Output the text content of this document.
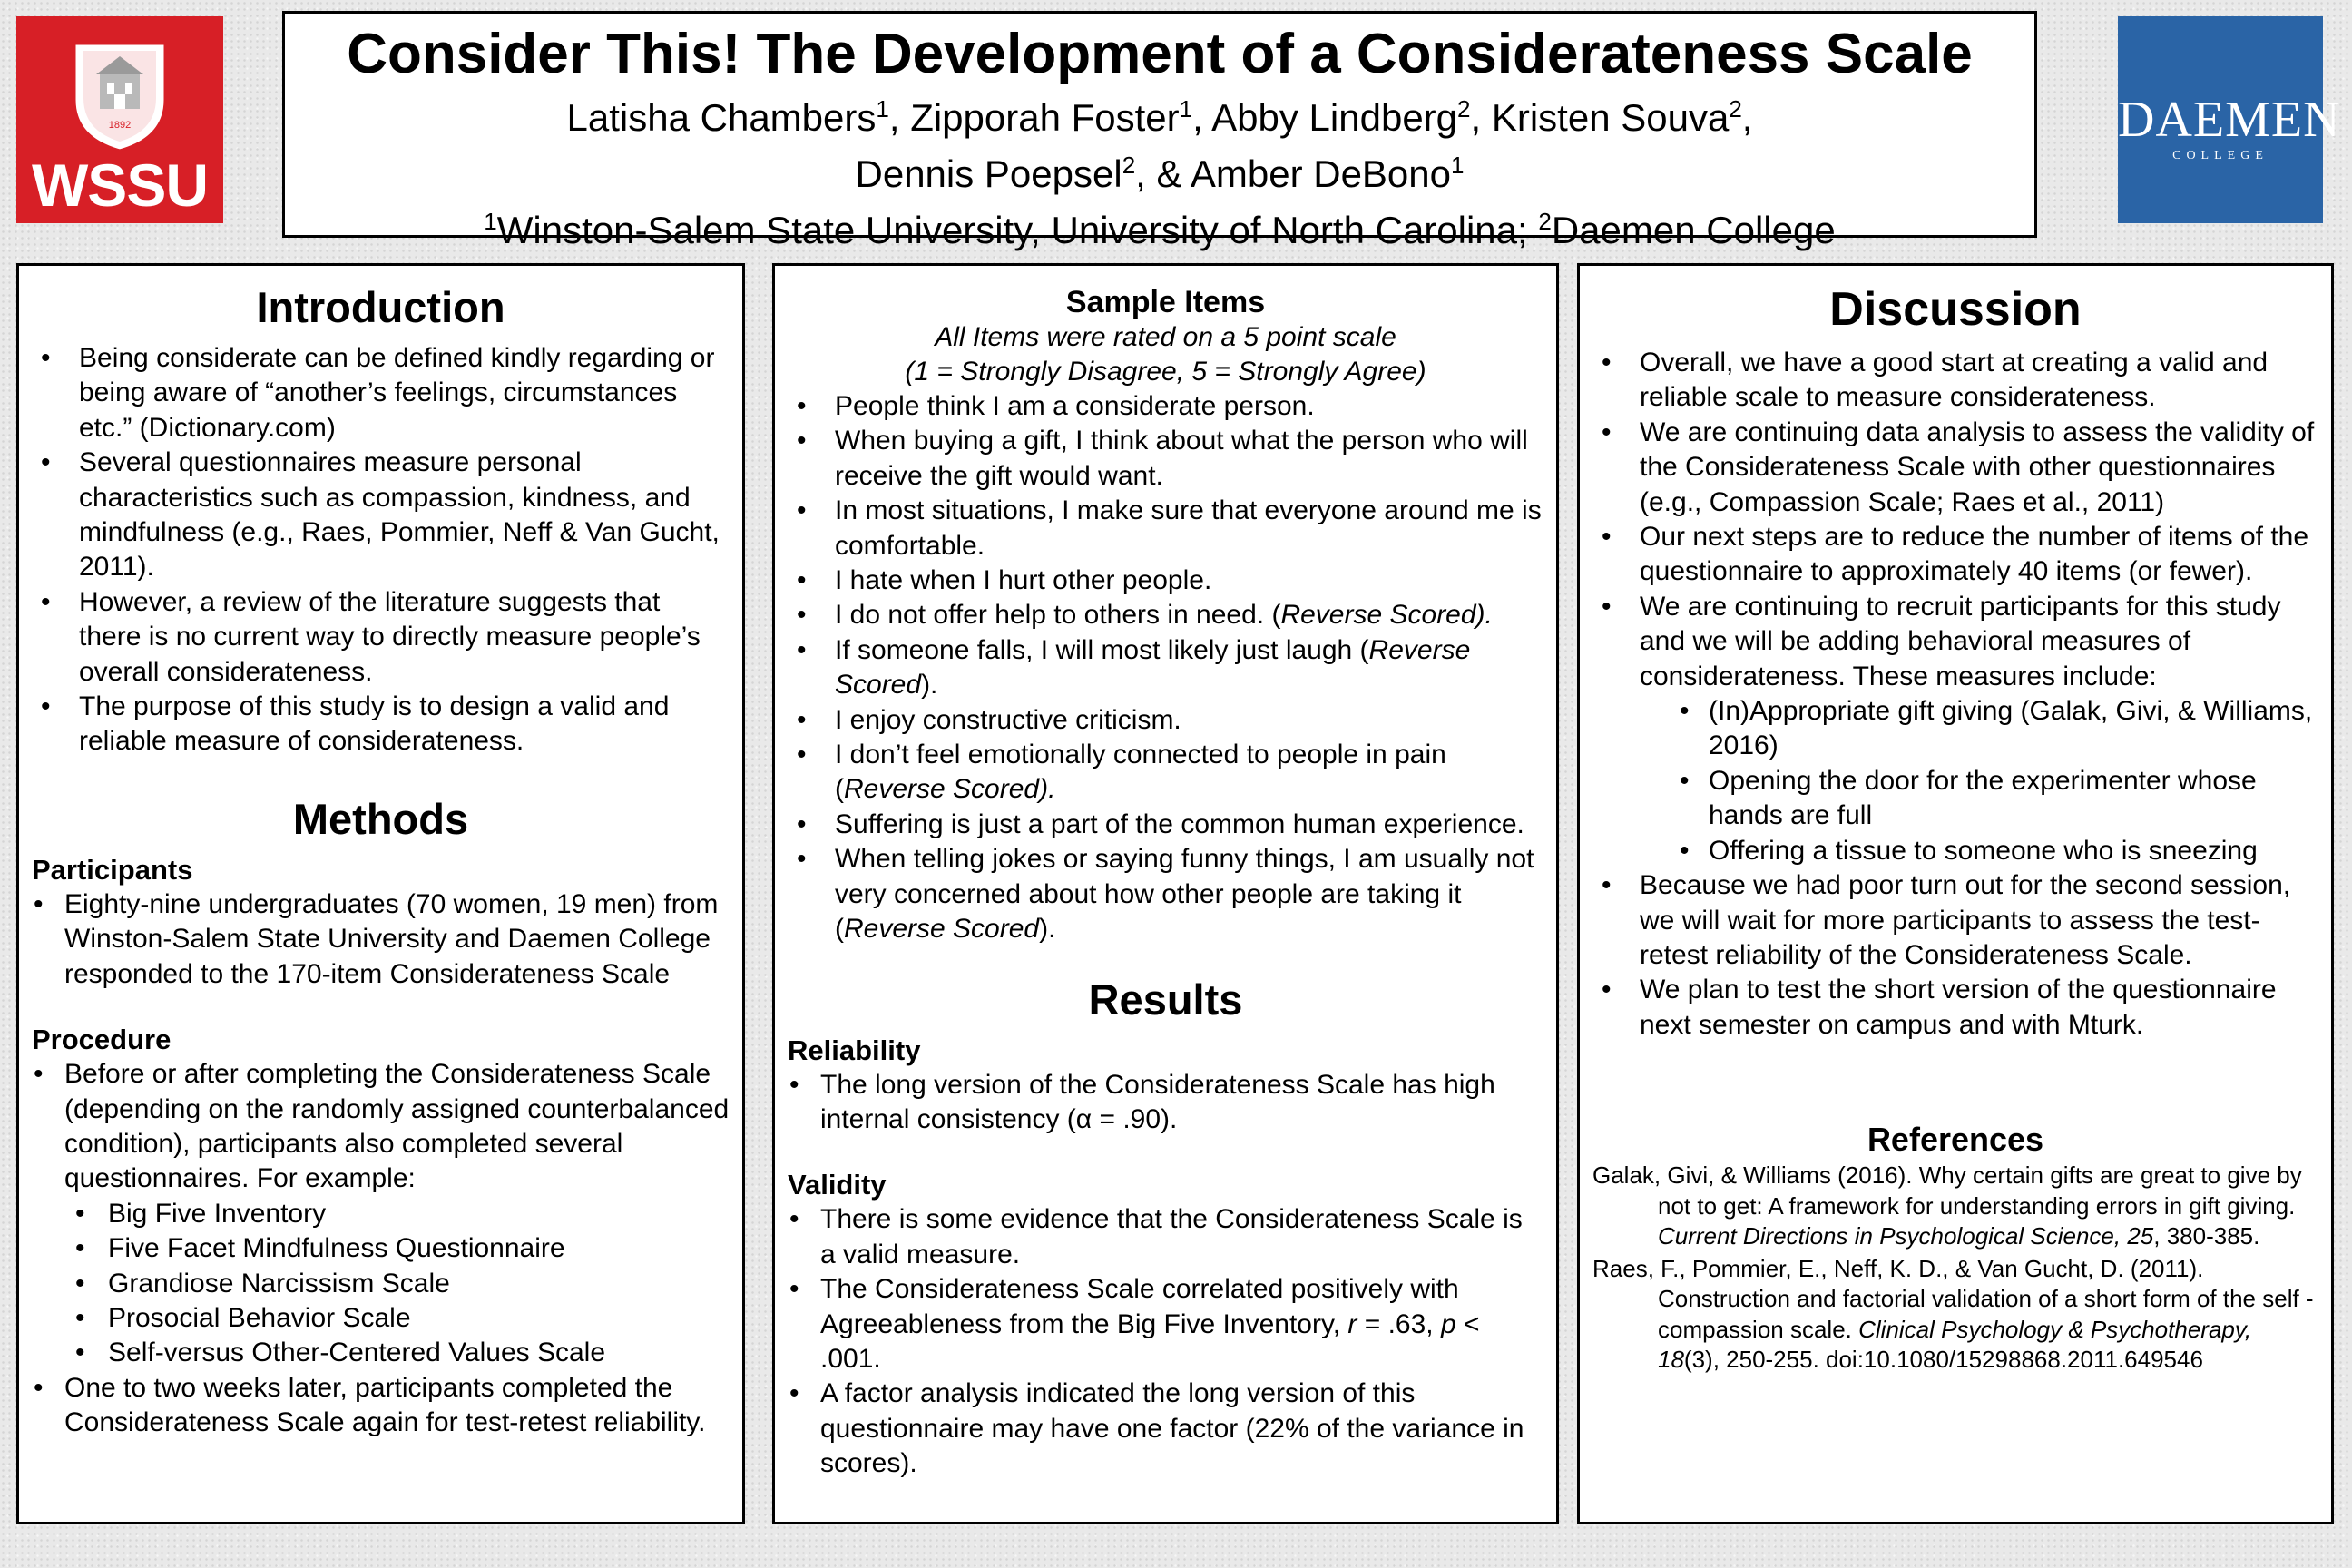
1892
WSSU
DAEMEN
COLLEGE
Consider This! The Development of a Considerateness Scale
Latisha Chambers$^1$, Zipporah Foster$^1$, Abby Lindberg$^2$, Kristen Souva$^2$,
Dennis Poepsel$^2$, & Amber DeBono$^1$
$^1$Winston-Salem State University, University of North Carolina; $^2$Daemen College
Introduction
• Being considerate can be defined kindly regarding or being aware of “another’s feelings, circumstances etc.” (Dictionary.com)
• Several questionnaires measure personal characteristics such as compassion, kindness, and mindfulness (e.g., Raes, Pommier, Neff & Van Gucht, 2011).
• However, a review of the literature suggests that there is no current way to directly measure people’s overall considerateness.
• The purpose of this study is to design a valid and reliable measure of considerateness.
Methods
Participants
• Eighty-nine undergraduates (70 women, 19 men) from Winston-Salem State University and Daemen College responded to the 170-item Considerateness Scale
Procedure
• Before or after completing the Considerateness Scale (depending on the randomly assigned counterbalanced condition), participants also completed several questionnaires. For example:
• Big Five Inventory
• Five Facet Mindfulness Questionnaire
• Grandiose Narcissism Scale
• Prosocial Behavior Scale
• Self-versus Other-Centered Values Scale
• One to two weeks later, participants completed the Considerateness Scale again for test-retest reliability.
Sample Items
All Items were rated on a 5 point scale
(1 = Strongly Disagree, 5 = Strongly Agree)
• People think I am a considerate person.
• When buying a gift, I think about what the person who will receive the gift would want.
• In most situations, I make sure that everyone around me is comfortable.
• I hate when I hurt other people.
• I do not offer help to others in need. (Reverse Scored).
• If someone falls, I will most likely just laugh (Reverse Scored).
• I enjoy constructive criticism.
• I don’t feel emotionally connected to people in pain (Reverse Scored).
• Suffering is just a part of the common human experience.
• When telling jokes or saying funny things, I am usually not very concerned about how other people are taking it (Reverse Scored).
Results
Reliability
• The long version of the Considerateness Scale has high internal consistency (α = .90).
Validity
• There is some evidence that the Considerateness Scale is a valid measure.
• The Considerateness Scale correlated positively with Agreeableness from the Big Five Inventory, r = .63, p < .001.
• A factor analysis indicated the long version of this questionnaire may have one factor (22% of the variance in scores).
Discussion
• Overall, we have a good start at creating a valid and reliable scale to measure considerateness.
• We are continuing data analysis to assess the validity of the Considerateness Scale with other questionnaires (e.g., Compassion Scale; Raes et al., 2011)
• Our next steps are to reduce the number of items of the questionnaire to approximately 40 items (or fewer).
• We are continuing to recruit participants for this study and we will be adding behavioral measures of considerateness. These measures include:
• (In)Appropriate gift giving (Galak, Givi, & Williams, 2016)
• Opening the door for the experimenter whose hands are full
• Offering a tissue to someone who is sneezing
• Because we had poor turn out for the second session, we will wait for more participants to assess the test-retest reliability of the Considerateness Scale.
• We plan to test the short version of the questionnaire next semester on campus and with Mturk.
References
Galak, Givi, & Williams (2016). Why certain gifts are great to give by not to get: A framework for understanding errors in gift giving. Current Directions in Psychological Science, 25, 380-385.
Raes, F., Pommier, E., Neff, K. D., & Van Gucht, D. (2011). Construction and factorial validation of a short form of the self - compassion scale. Clinical Psychology & Psychotherapy, 18(3), 250-255. doi:10.1080/15298868.2011.649546
